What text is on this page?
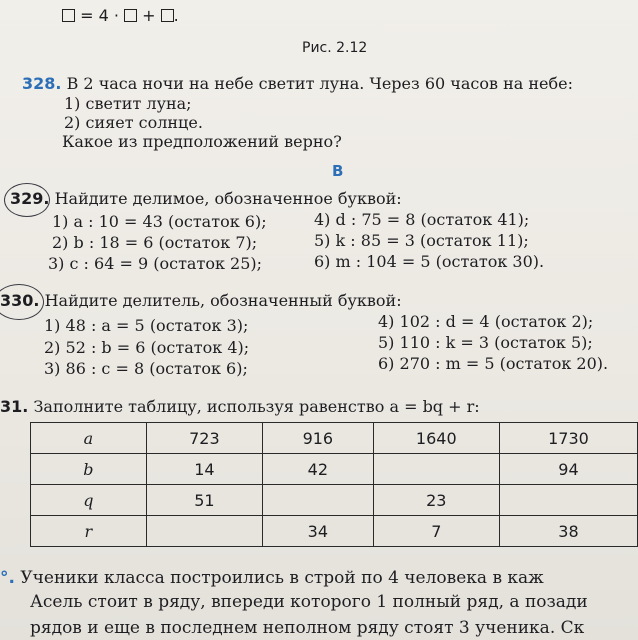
= 4 · + .
Рис. 2.12
328. В 2 часа ночи на небе светит луна. Через 60 часов на небе:
1) светит луна;
2) сияет солнце.
Какое из предположений верно?
В
329. Найдите делимое, обозначенное буквой:
1) a : 10 = 43 (остаток 6);
2) b : 18 = 6 (остаток 7);
3) c : 64 = 9 (остаток 25);
4) d : 75 = 8 (остаток 41);
5) k : 85 = 3 (остаток 11);
6) m : 104 = 5 (остаток 30).
330. Найдите делитель, обозначенный буквой:
1) 48 : a = 5 (остаток 3);
2) 52 : b = 6 (остаток 4);
3) 86 : c = 8 (остаток 6);
4) 102 : d = 4 (остаток 2);
5) 110 : k = 3 (остаток 5);
6) 270 : m = 5 (остаток 20).
31. Заполните таблицу, используя равенство a = bq + r:
a	723	916	1640	1730
b	14	42		94
q	51		23	
r		34	7	38
°. Ученики класса построились в строй по 4 человека в каж
Асель стоит в ряду, впереди которого 1 полный ряд, а позади
рядов и еще в последнем неполном ряду стоят 3 ученика. Ск
